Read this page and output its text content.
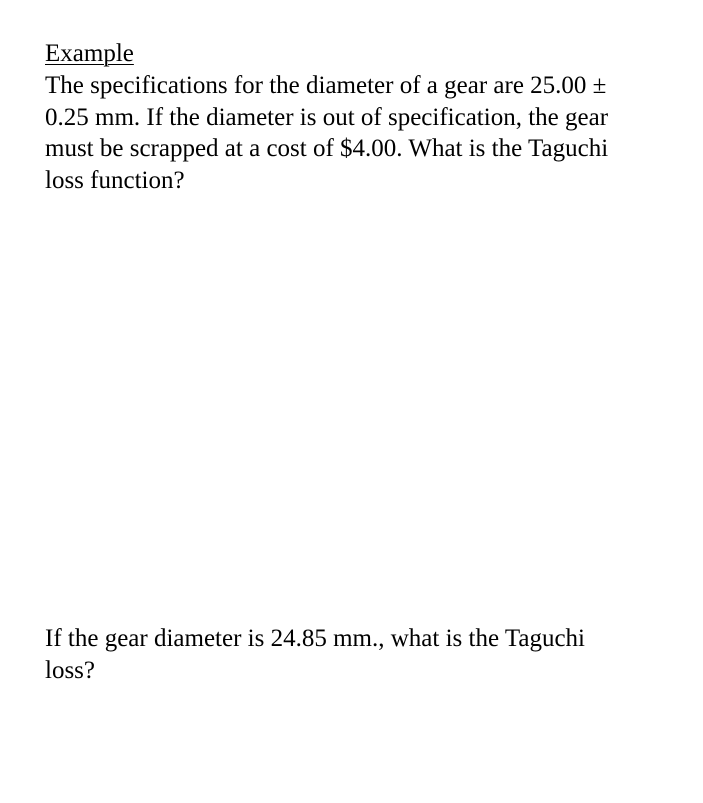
Example

The specifications for the diameter of a gear are 25.00 ±
0.25 mm. If the diameter is out of specification, the gear
must be scrapped at a cost of $4.00. What is the Taguchi
loss function?

If the gear diameter is 24.85 mm., what is the Taguchi
loss?
